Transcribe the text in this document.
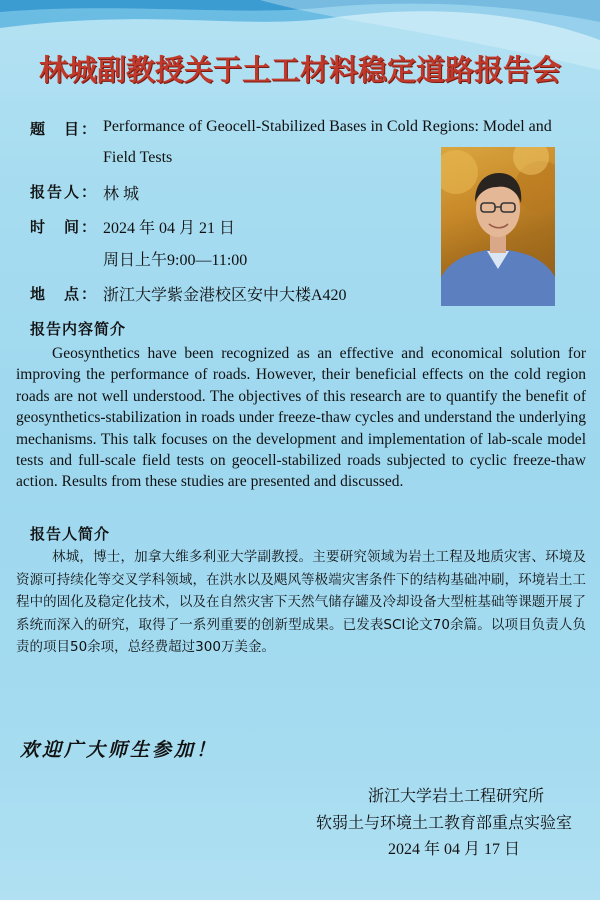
林城副教授关于土工材料稳定道路报告会
题　目： Performance of Geocell-Stabilized Bases in Cold Regions: Model and
Field Tests
报告人： 林 城
时　间： 2024 年 04 月 21 日
周日上午9:00—11:00
地　点： 浙江大学紫金港校区安中大楼A420
报告内容简介
Geosynthetics have been recognized as an effective and economical solution for improving the performance of roads. However, their beneficial effects on the cold region roads are not well understood. The objectives of this research are to quantify the benefit of geosynthetics-stabilization in roads under freeze-thaw cycles and understand the underlying mechanisms. This talk focuses on the development and implementation of lab-scale model tests and full-scale field tests on geocell-stabilized roads subjected to cyclic freeze-thaw action. Results from these studies are presented and discussed.
报告人简介
林城，博士，加拿大维多利亚大学副教授。主要研究领域为岩土工程及地质灾害、环境及资源可持续化等交叉学科领域，在洪水以及飓风等极端灾害条件下的结构基础冲刷，环境岩土工程中的固化及稳定化技术，以及在自然灾害下天然气储存罐及冷却设备大型桩基础等课题开展了系统而深入的研究，取得了一系列重要的创新型成果。已发表SCI论文70余篇。以项目负责人负责的项目50余项，总经费超过300万美金。
欢迎广大师生参加！
浙江大学岩土工程研究所
软弱土与环境土工教育部重点实验室
2024 年 04 月 17 日
